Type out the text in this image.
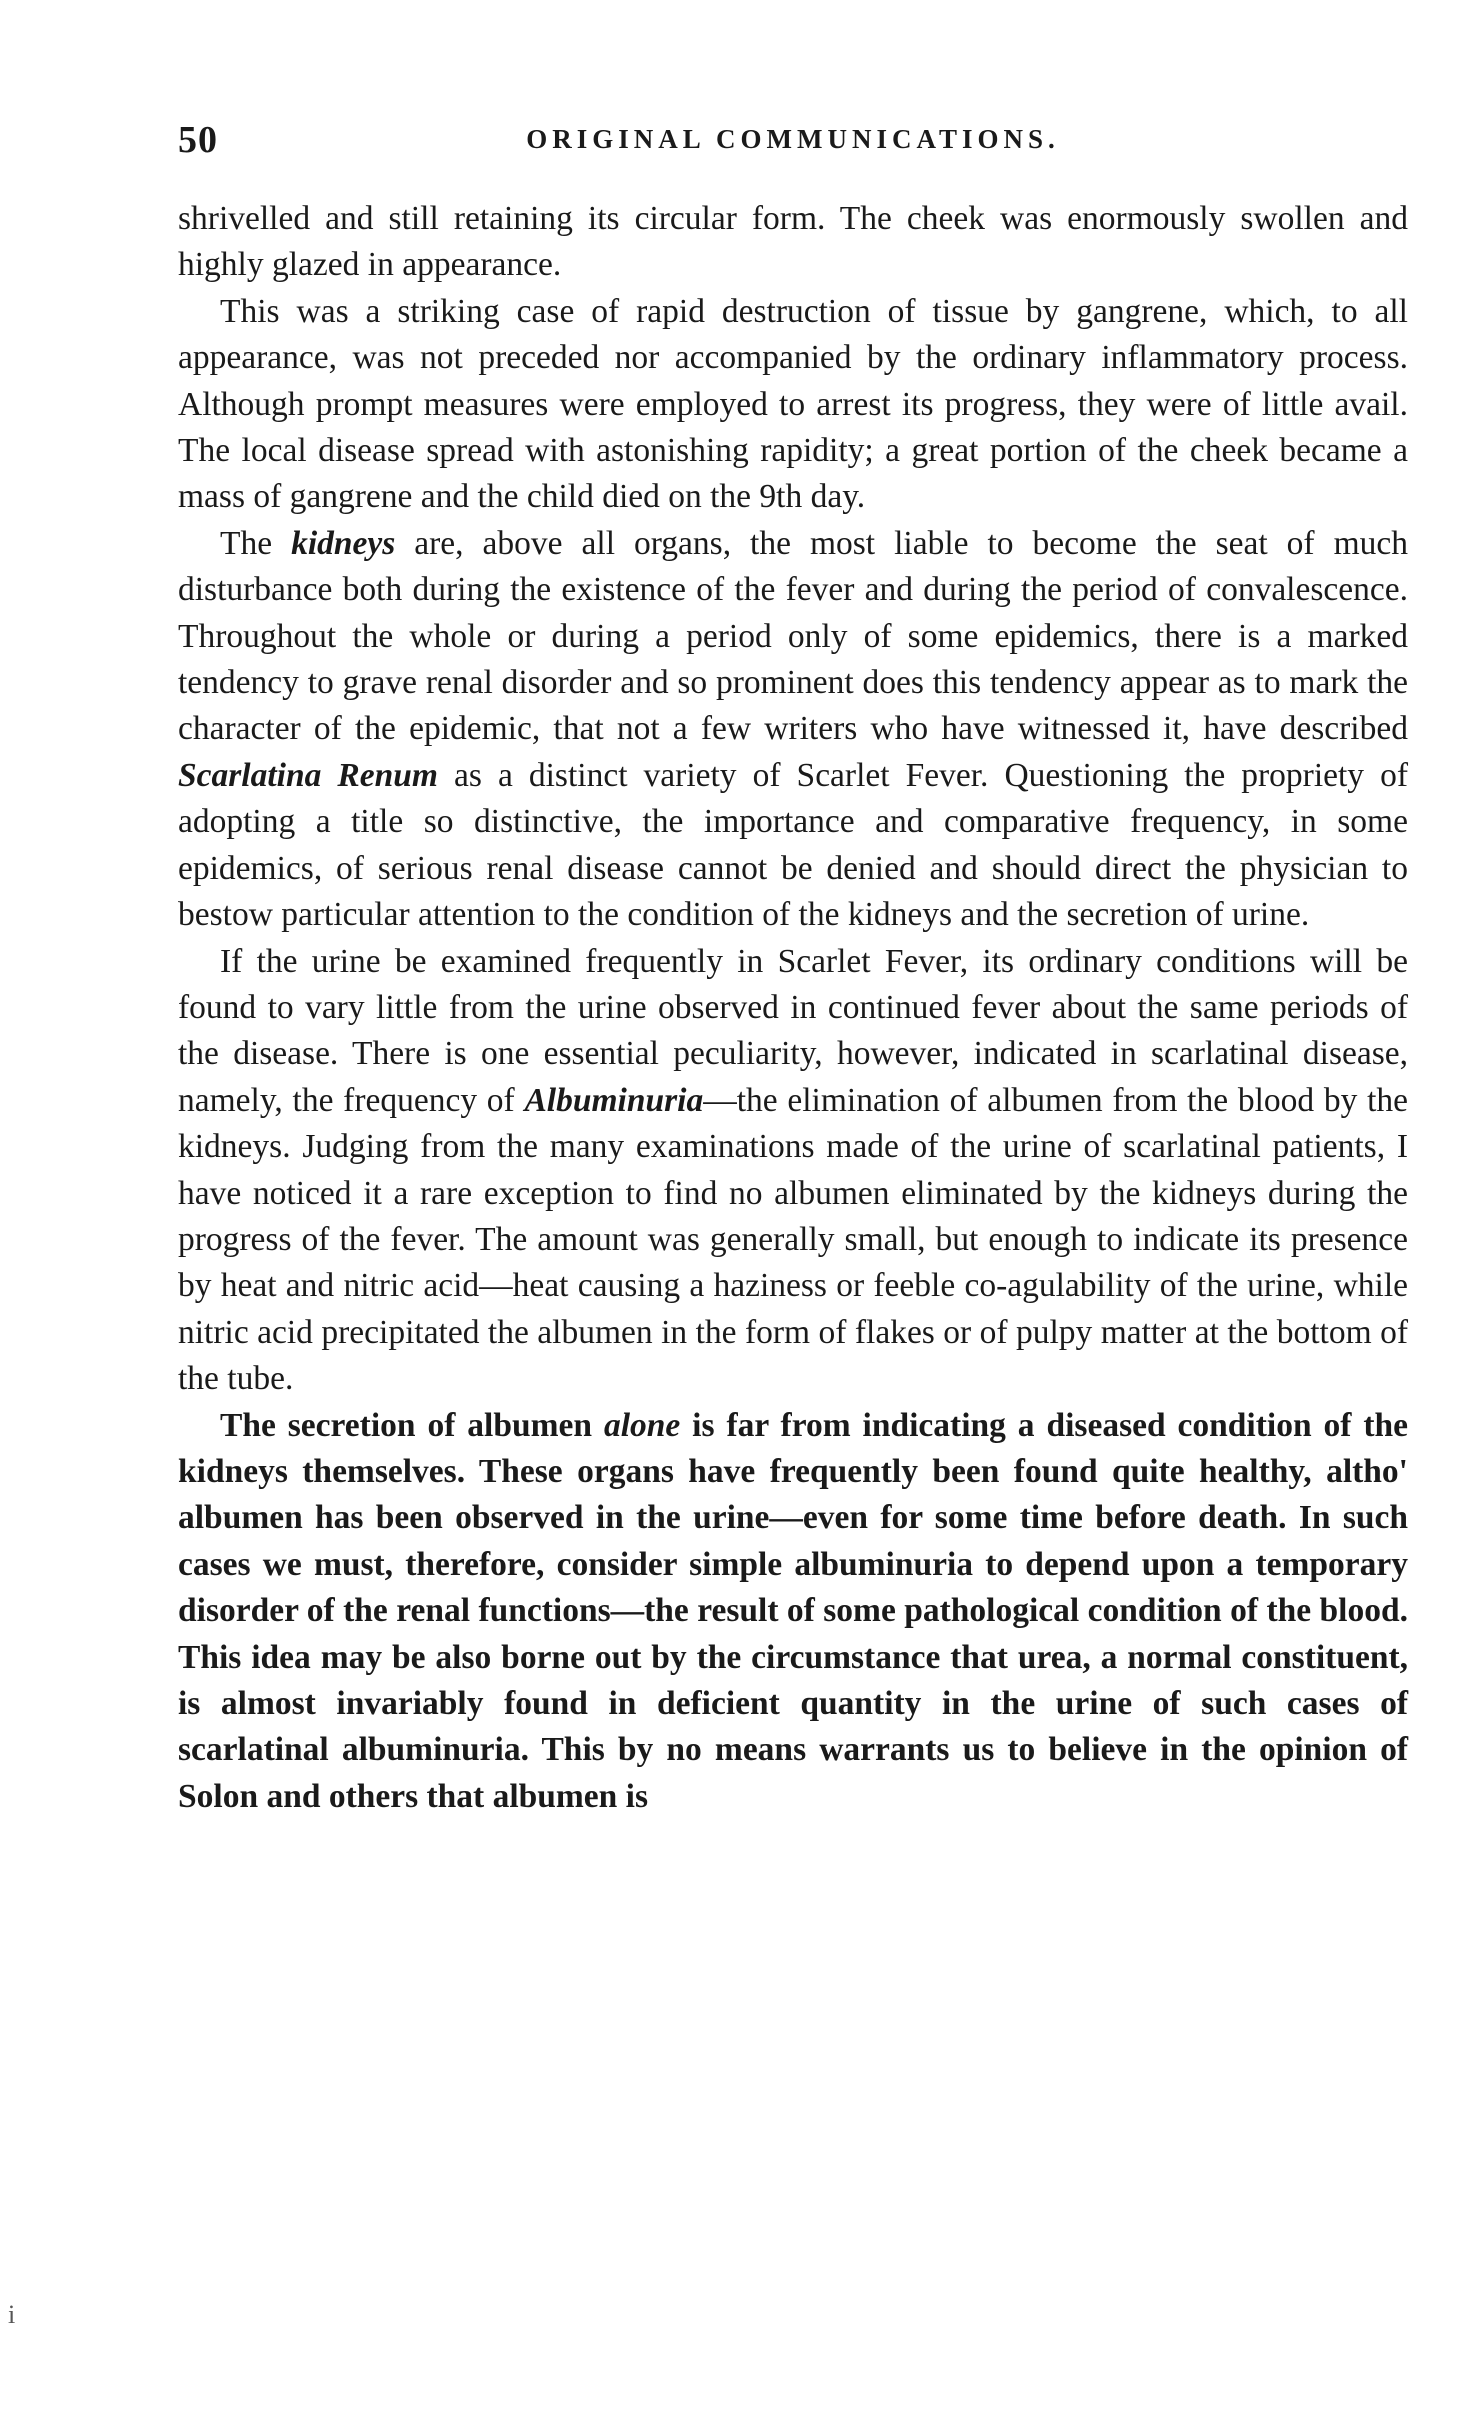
50	ORIGINAL COMMUNICATIONS.

shrivelled and still retaining its circular form. The cheek was enormously swollen and highly glazed in appearance.

This was a striking case of rapid destruction of tissue by gangrene, which, to all appearance, was not preceded nor accompanied by the ordinary inflammatory process. Although prompt measures were employed to arrest its progress, they were of little avail. The local disease spread with astonishing rapidity; a great portion of the cheek became a mass of gangrene and the child died on the 9th day.

The kidneys are, above all organs, the most liable to become the seat of much disturbance both during the existence of the fever and during the period of convalescence. Throughout the whole or during a period only of some epidemics, there is a marked tendency to grave renal disorder and so prominent does this tendency appear as to mark the character of the epidemic, that not a few writers who have witnessed it, have described Scarlatina Renum as a distinct variety of Scarlet Fever. Questioning the propriety of adopting a title so distinctive, the importance and comparative frequency, in some epidemics, of serious renal disease cannot be denied and should direct the physician to bestow particular attention to the condition of the kidneys and the secretion of urine.

If the urine be examined frequently in Scarlet Fever, its ordinary conditions will be found to vary little from the urine observed in continued fever about the same periods of the disease. There is one essential peculiarity, however, indicated in scarlatinal disease, namely, the frequency of Albuminuria—the elimination of albumen from the blood by the kidneys. Judging from the many examinations made of the urine of scarlatinal patients, I have noticed it a rare exception to find no albumen eliminated by the kidneys during the progress of the fever. The amount was generally small, but enough to indicate its presence by heat and nitric acid—heat causing a haziness or feeble co-agulability of the urine, while nitric acid precipitated the albumen in the form of flakes or of pulpy matter at the bottom of the tube.

The secretion of albumen alone is far from indicating a diseased condition of the kidneys themselves. These organs have frequently been found quite healthy, altho' albumen has been observed in the urine—even for some time before death. In such cases we must, therefore, consider simple albuminuria to depend upon a temporary disorder of the renal functions—the result of some pathological condition of the blood. This idea may be also borne out by the circumstance that urea, a normal constituent, is almost invariably found in deficient quantity in the urine of such cases of scarlatinal albuminuria. This by no means warrants us to believe in the opinion of Solon and others that albumen is

i
